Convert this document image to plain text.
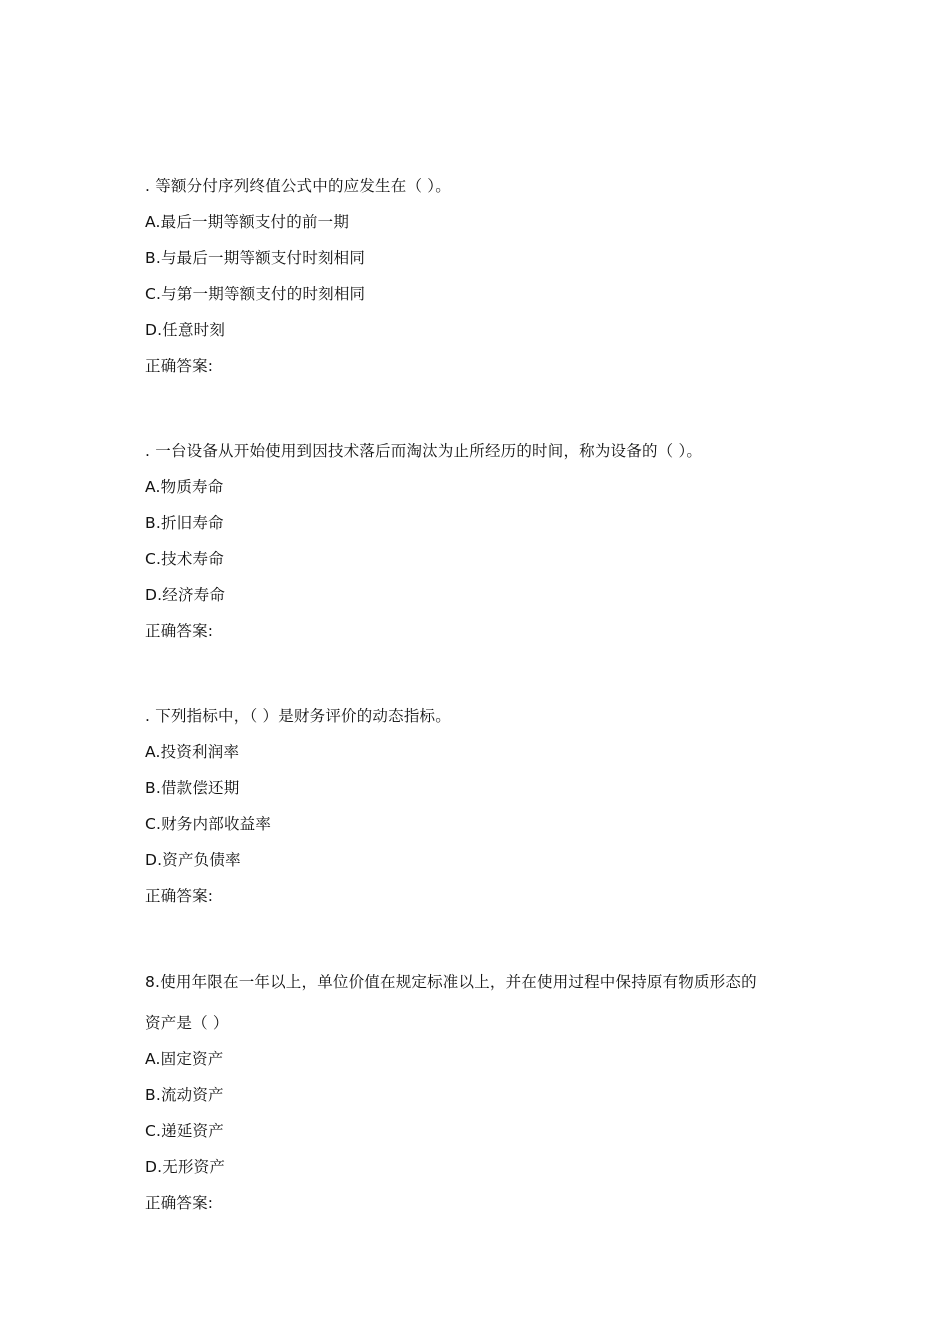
. 等额分付序列终值公式中的应发生在（ ）。
A.最后一期等额支付的前一期
B.与最后一期等额支付时刻相同
C.与第一期等额支付的时刻相同
D.任意时刻
正确答案:
. 一台设备从开始使用到因技术落后而淘汰为止所经历的时间，称为设备的（ ）。
A.物质寿命
B.折旧寿命
C.技术寿命
D.经济寿命
正确答案:
. 下列指标中，（ ）是财务评价的动态指标。
A.投资利润率
B.借款偿还期
C.财务内部收益率
D.资产负债率
正确答案:
8.使用年限在一年以上，单位价值在规定标准以上，并在使用过程中保持原有物质形态的
资产是（ ）
A.固定资产
B.流动资产
C.递延资产
D.无形资产
正确答案:
